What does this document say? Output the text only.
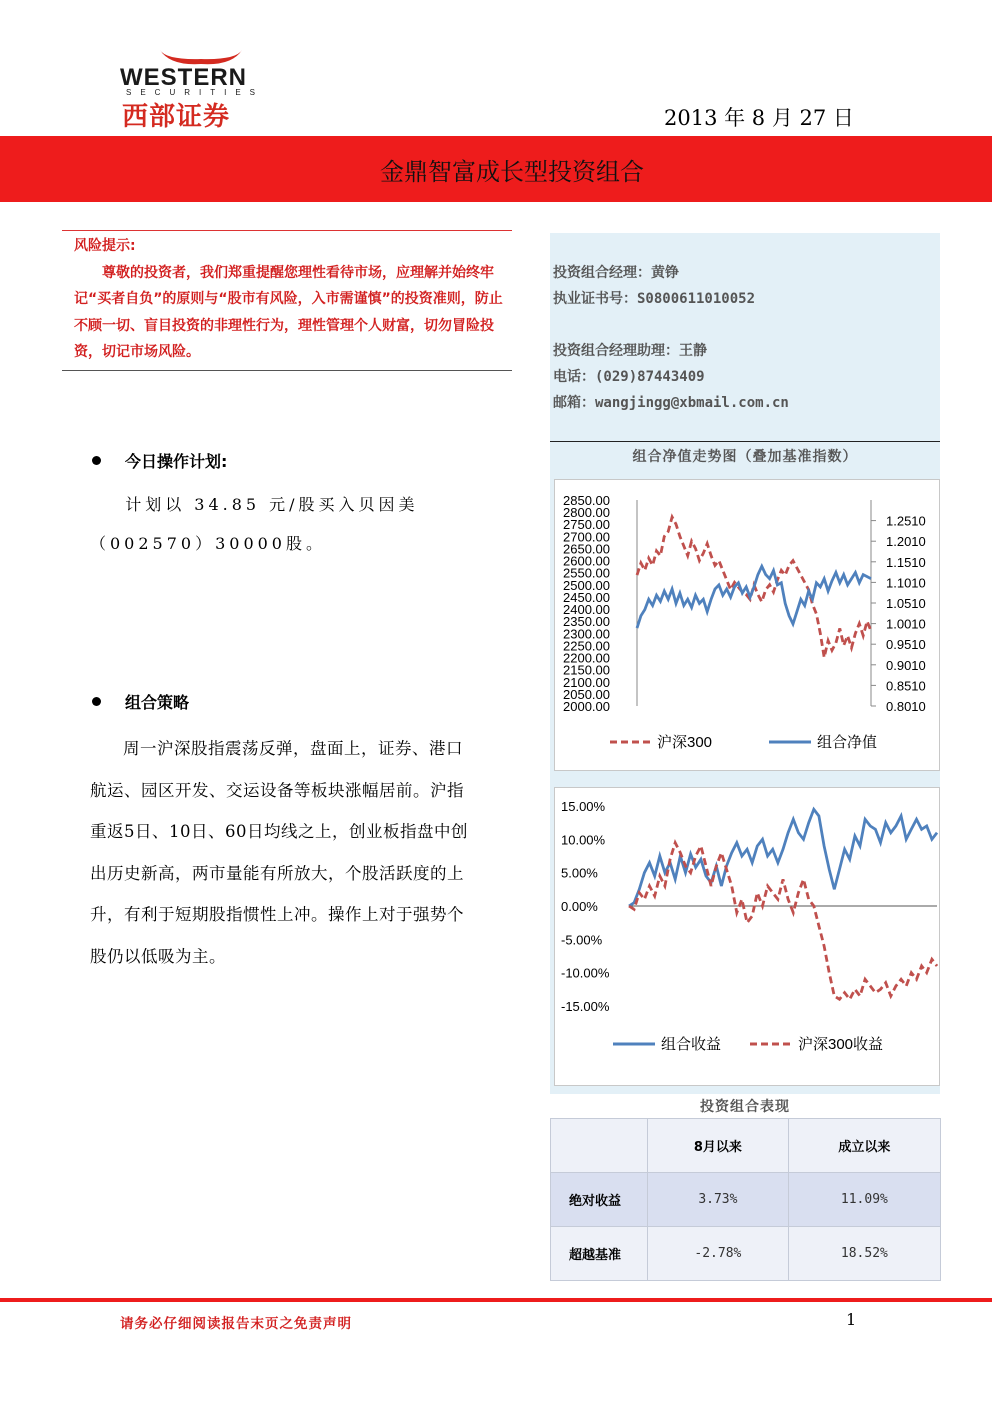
WESTERN
SECURITIES
西部证券	2013 年 8 月 27 日
金鼎智富成长型投资组合
风险提示:

尊敬的投资者，我们郑重提醒您理性看待市场，应理解并始终牢记“买者自负”的原则与“股市有风险，入市需谨慎”的投资准则，防止不顾一切、盲目投资的非理性行为，理性管理个人财富，切勿冒险投资，切记市场风险。

今日操作计划:
计划以 34.85 元/股买入贝因美（002570）30000股。
组合策略
周一沪深股指震荡反弹，盘面上，证券、港口航运、园区开发、交运设备等板块涨幅居前。沪指重返5日、10日、60日均线之上，创业板指盘中创出历史新高，两市量能有所放大，个股活跃度的上升，有利于短期股指惯性上冲。操作上对于强势个股仍以低吸为主。
投资组合经理：黄铮
执业证书号：S0800611010052
投资组合经理助理：王静
电话：(029)87443409
邮箱：wangjingg@xbmail.com.cn
组合净值走势图（叠加基准指数）
2850.00
2800.00
2750.00
2700.00
2650.00
2600.00
2550.00
2500.00
2450.00
2400.00
2350.00
2300.00
2250.00
2200.00
2150.00
2100.00
2050.00
2000.00
1.2510
1.2010
1.1510
1.1010
1.0510
1.0010
0.9510
0.9010
0.8510
0.8010
沪深300	组合净值
15.00%
10.00%
5.00%
0.00%
-5.00%
-10.00%
-15.00%
组合收益	沪深300收益
投资组合表现
	8月以来	成立以来
绝对收益	3.73%	11.09%
超越基准	-2.78%	18.52%
请务必仔细阅读报告末页之免责声明	1
